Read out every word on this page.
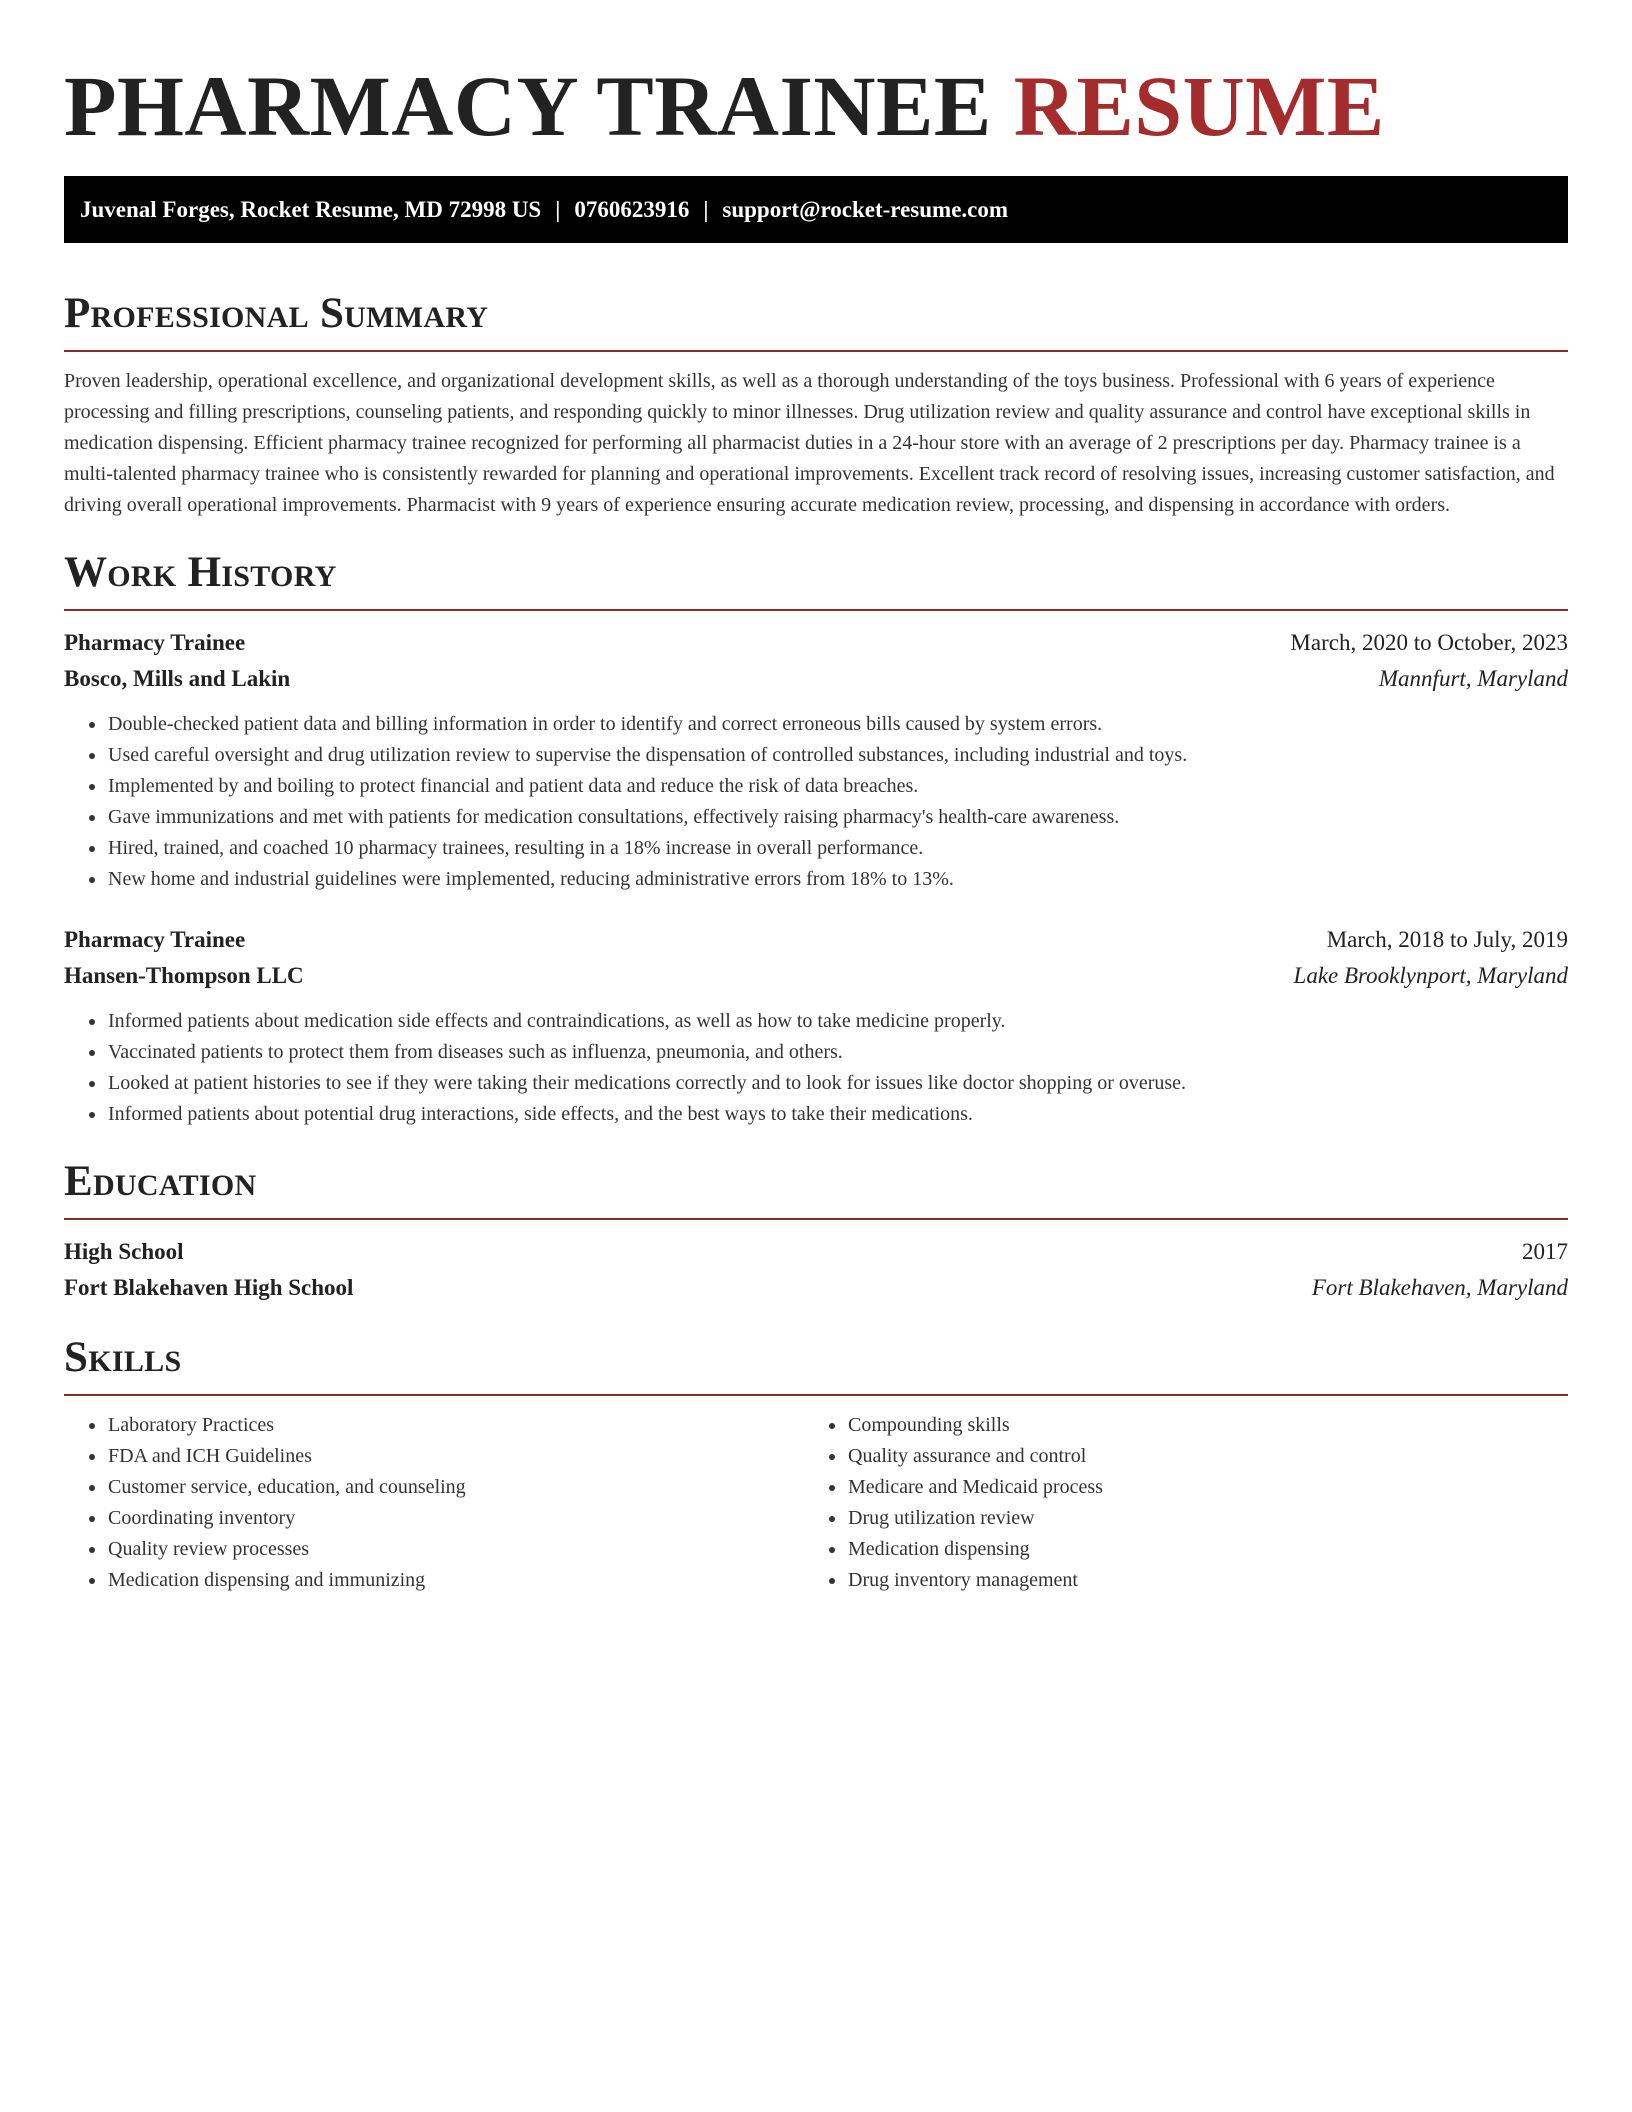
PHARMACY TRAINEE RESUME
Juvenal Forges, Rocket Resume, MD 72998 US | 0760623916 | support@rocket-resume.com
Professional Summary

Proven leadership, operational excellence, and organizational development skills, as well as a thorough understanding of the toys business. Professional with 6 years of experience processing and filling prescriptions, counseling patients, and responding quickly to minor illnesses. Drug utilization review and quality assurance and control have exceptional skills in medication dispensing. Efficient pharmacy trainee recognized for performing all pharmacist duties in a 24-hour store with an average of 2 prescriptions per day. Pharmacy trainee is a multi-talented pharmacy trainee who is consistently rewarded for planning and operational improvements. Excellent track record of resolving issues, increasing customer satisfaction, and driving overall operational improvements. Pharmacist with 9 years of experience ensuring accurate medication review, processing, and dispensing in accordance with orders.

Work History
Pharmacy Trainee	March, 2020 to October, 2023
Bosco, Mills and Lakin	Mannfurt, Maryland
• Double-checked patient data and billing information in order to identify and correct erroneous bills caused by system errors.
• Used careful oversight and drug utilization review to supervise the dispensation of controlled substances, including industrial and toys.
• Implemented by and boiling to protect financial and patient data and reduce the risk of data breaches.
• Gave immunizations and met with patients for medication consultations, effectively raising pharmacy's health-care awareness.
• Hired, trained, and coached 10 pharmacy trainees, resulting in a 18% increase in overall performance.
• New home and industrial guidelines were implemented, reducing administrative errors from 18% to 13%.
Pharmacy Trainee	March, 2018 to July, 2019
Hansen-Thompson LLC	Lake Brooklynport, Maryland
• Informed patients about medication side effects and contraindications, as well as how to take medicine properly.
• Vaccinated patients to protect them from diseases such as influenza, pneumonia, and others.
• Looked at patient histories to see if they were taking their medications correctly and to look for issues like doctor shopping or overuse.
• Informed patients about potential drug interactions, side effects, and the best ways to take their medications.
Education
High School	2017
Fort Blakehaven High School	Fort Blakehaven, Maryland
Skills
• Laboratory Practices
• FDA and ICH Guidelines
• Customer service, education, and counseling
• Coordinating inventory
• Quality review processes
• Medication dispensing and immunizing
• Compounding skills
• Quality assurance and control
• Medicare and Medicaid process
• Drug utilization review
• Medication dispensing
• Drug inventory management
